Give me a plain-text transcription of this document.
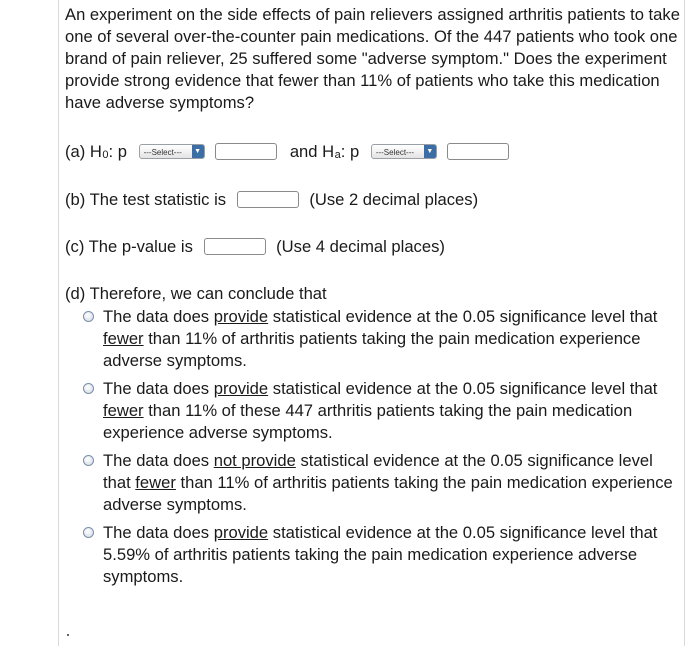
An experiment on the side effects of pain relievers assigned arthritis patients to take one of several over-the-counter pain medications. Of the 447 patients who took one brand of pain reliever, 25 suffered some "adverse symptom." Does the experiment provide strong evidence that fewer than 11% of patients who take this medication have adverse symptoms?

(a) H0: p ---Select---	▼	and Ha: p ---Select---	▼

(b) The test statistic is	(Use 2 decimal places)
(c) The p-value is	(Use 4 decimal places)
(d) Therefore, we can conclude that
The data does provide statistical evidence at the 0.05 significance level that fewer than 11% of arthritis patients taking the pain medication experience adverse symptoms.
The data does provide statistical evidence at the 0.05 significance level that fewer than 11% of these 447 arthritis patients taking the pain medication experience adverse symptoms.
The data does not provide statistical evidence at the 0.05 significance level that fewer than 11% of arthritis patients taking the pain medication experience adverse symptoms.
The data does provide statistical evidence at the 0.05 significance level that 5.59% of arthritis patients taking the pain medication experience adverse symptoms.
